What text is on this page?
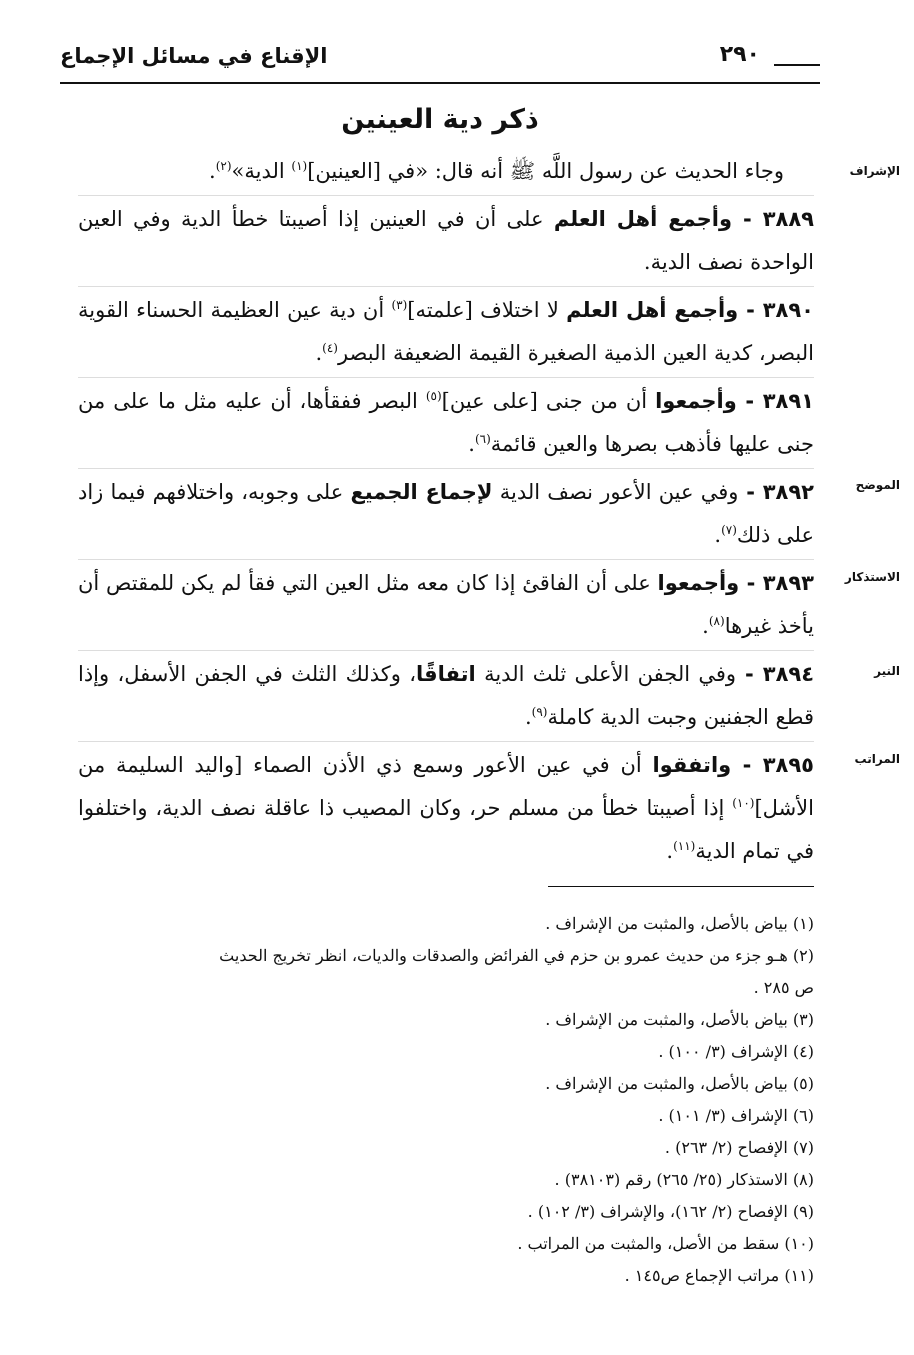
الإقناع في مسائل الإجماع	٢٩٠
ذكر دية العينين
الإشراف
الموضح
الاستذكار
النير
المراتب
وجاء الحديث عن رسول اللَّه ﷺ أنه قال: «في [العينين]$^{(١)}$ الدية»$^{(٢)}$.
٣٨٨٩ - وأجمع أهل العلم على أن في العينين إذا أصيبتا خطأ الدية وفي العين الواحدة نصف الدية.
٣٨٩٠ - وأجمع أهل العلم لا اختلاف [علمته]$^{(٣)}$ أن دية عين العظيمة الحسناء القوية البصر، كدية العين الذمية الصغيرة القيمة الضعيفة البصر$^{(٤)}$.
٣٨٩١ - وأجمعوا أن من جنى [على عين]$^{(٥)}$ البصر ففقأها، أن عليه مثل ما على من جنى عليها فأذهب بصرها والعين قائمة$^{(٦)}$.
٣٨٩٢ - وفي عين الأعور نصف الدية لإجماع الجميع على وجوبه، واختلافهم فيما زاد على ذلك$^{(٧)}$.
٣٨٩٣ - وأجمعوا على أن الفاقئ إذا كان معه مثل العين التي فقأ لم يكن للمقتص أن يأخذ غيرها$^{(٨)}$.
٣٨٩٤ - وفي الجفن الأعلى ثلث الدية اتفاقًا، وكذلك الثلث في الجفن الأسفل، وإذا قطع الجفنين وجبت الدية كاملة$^{(٩)}$.
٣٨٩٥ - واتفقوا أن في عين الأعور وسمع ذي الأذن الصماء [واليد السليمة من الأشل]$^{(١٠)}$ إذا أصيبتا خطأ من مسلم حر، وكان المصيب ذا عاقلة نصف الدية، واختلفوا في تمام الدية$^{(١١)}$.
(١) بياض بالأصل، والمثبت من الإشراف .
(٢) هـو جزء من حديث عمرو بن حزم في الفرائض والصدقات والديات، انظر تخريج الحديث
ص ٢٨٥ .
(٣) بياض بالأصل، والمثبت من الإشراف .
(٤) الإشراف (٣/ ١٠٠) .
(٥) بياض بالأصل، والمثبت من الإشراف .
(٦) الإشراف (٣/ ١٠١) .
(٧) الإفصاح (٢/ ٢٦٣) .
(٨) الاستذكار (٢٥/ ٢٦٥) رقم (٣٨١٠٣) .
(٩) الإفصاح (٢/ ١٦٢)، والإشراف (٣/ ١٠٢) .
(١٠) سقط من الأصل، والمثبت من المراتب .
(١١) مراتب الإجماع ص١٤٥ .
